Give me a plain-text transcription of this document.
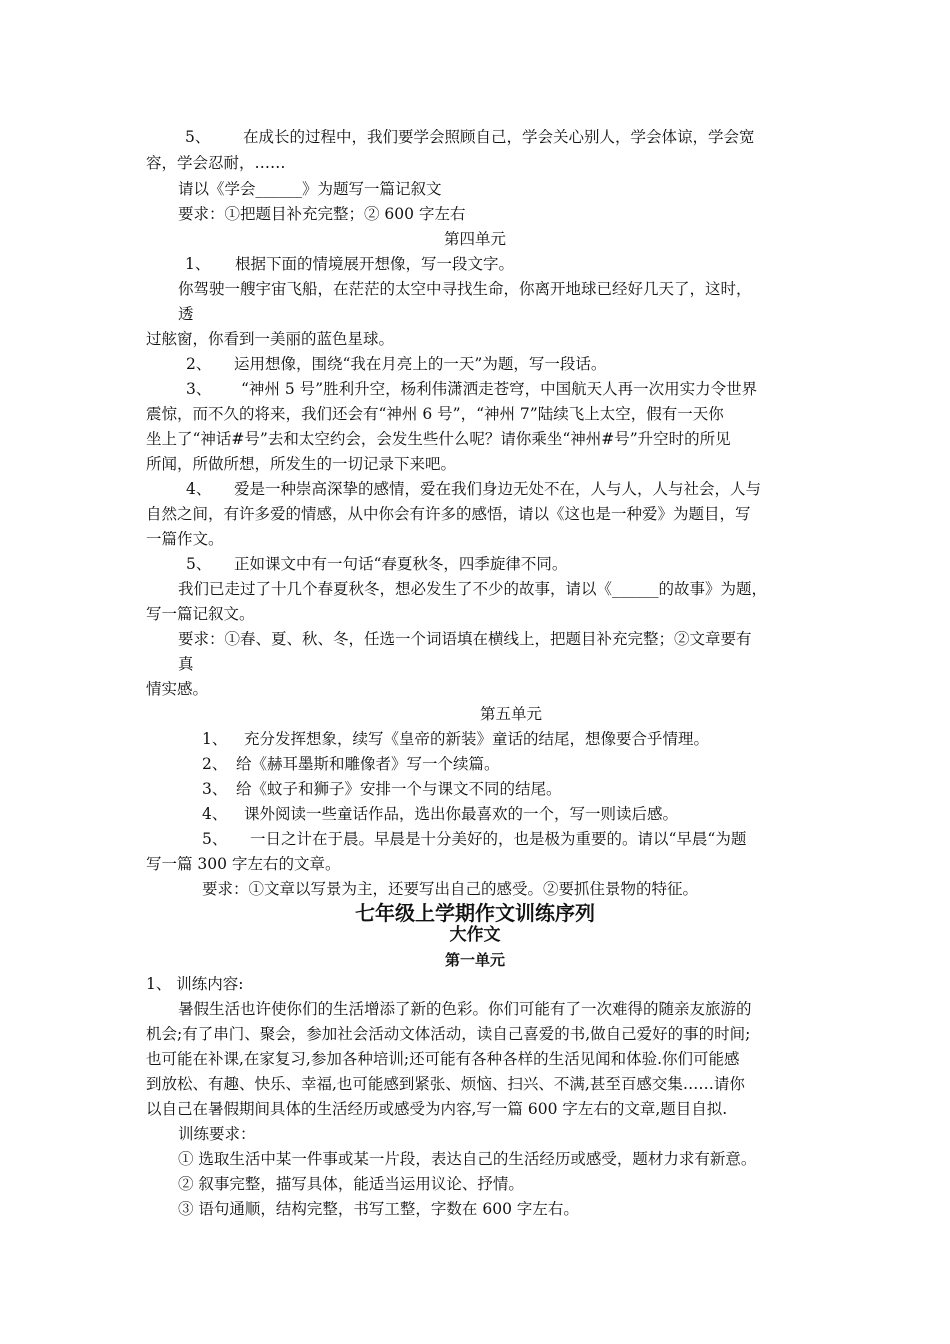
5、 在成长的过程中，我们要学会照顾自己，学会关心别人，学会体谅，学会宽
容，学会忍耐，……
请以《学会______》为题写一篇记叙文
要求：①把题目补充完整；② 600 字左右
第四单元
1、 根据下面的情境展开想像，写一段文字。
你驾驶一艘宇宙飞船，在茫茫的太空中寻找生命，你离开地球已经好几天了，这时，
透
过舷窗，你看到一美丽的蓝色星球。
2、 运用想像，围绕“我在月亮上的一天”为题，写一段话。
3、 “神州 5 号”胜利升空，杨利伟潇洒走苍穹，中国航天人再一次用实力令世界
震惊，而不久的将来，我们还会有“神州 6 号”，“神州 7”陆续飞上太空，假有一天你
坐上了“神话#号”去和太空约会，会发生些什么呢？请你乘坐“神州#号”升空时的所见
所闻，所做所想，所发生的一切记录下来吧。
4、 爱是一种崇高深挚的感情，爱在我们身边无处不在，人与人，人与社会，人与
自然之间，有许多爱的情感，从中你会有许多的感悟，请以《这也是一种爱》为题目，写
一篇作文。
5、 正如课文中有一句话“春夏秋冬，四季旋律不同。
我们已走过了十几个春夏秋冬，想必发生了不少的故事，请以《______的故事》为题，
写一篇记叙文。
要求：①春、夏、秋、冬，任选一个词语填在横线上，把题目补充完整；②文章要有
真
情实感。
第五单元
1、 充分发挥想象，续写《皇帝的新装》童话的结尾，想像要合乎情理。
2、 给《赫耳墨斯和雕像者》写一个续篇。
3、 给《蚊子和狮子》安排一个与课文不同的结尾。
4、 课外阅读一些童话作品，选出你最喜欢的一个，写一则读后感。
5、 一日之计在于晨。早晨是十分美好的，也是极为重要的。请以“早晨“为题
写一篇 300 字左右的文章。
要求：①文章以写景为主，还要写出自己的感受。②要抓住景物的特征。
七年级上学期作文训练序列
大作文
第一单元
1、 训练内容:
暑假生活也许使你们的生活增添了新的色彩。你们可能有了一次难得的随亲友旅游的
机会;有了串门、聚会，参加社会活动文体活动，读自己喜爱的书,做自己爱好的事的时间;
也可能在补课,在家复习,参加各种培训;还可能有各种各样的生活见闻和体验.你们可能感
到放松、有趣、快乐、幸福,也可能感到紧张、烦恼、扫兴、不满,甚至百感交集……请你
以自己在暑假期间具体的生活经历或感受为内容,写一篇 600 字左右的文章,题目自拟.
训练要求：
① 选取生活中某一件事或某一片段，表达自己的生活经历或感受，题材力求有新意。
② 叙事完整，描写具体，能适当运用议论、抒情。
③ 语句通顺，结构完整，书写工整，字数在 600 字左右。
